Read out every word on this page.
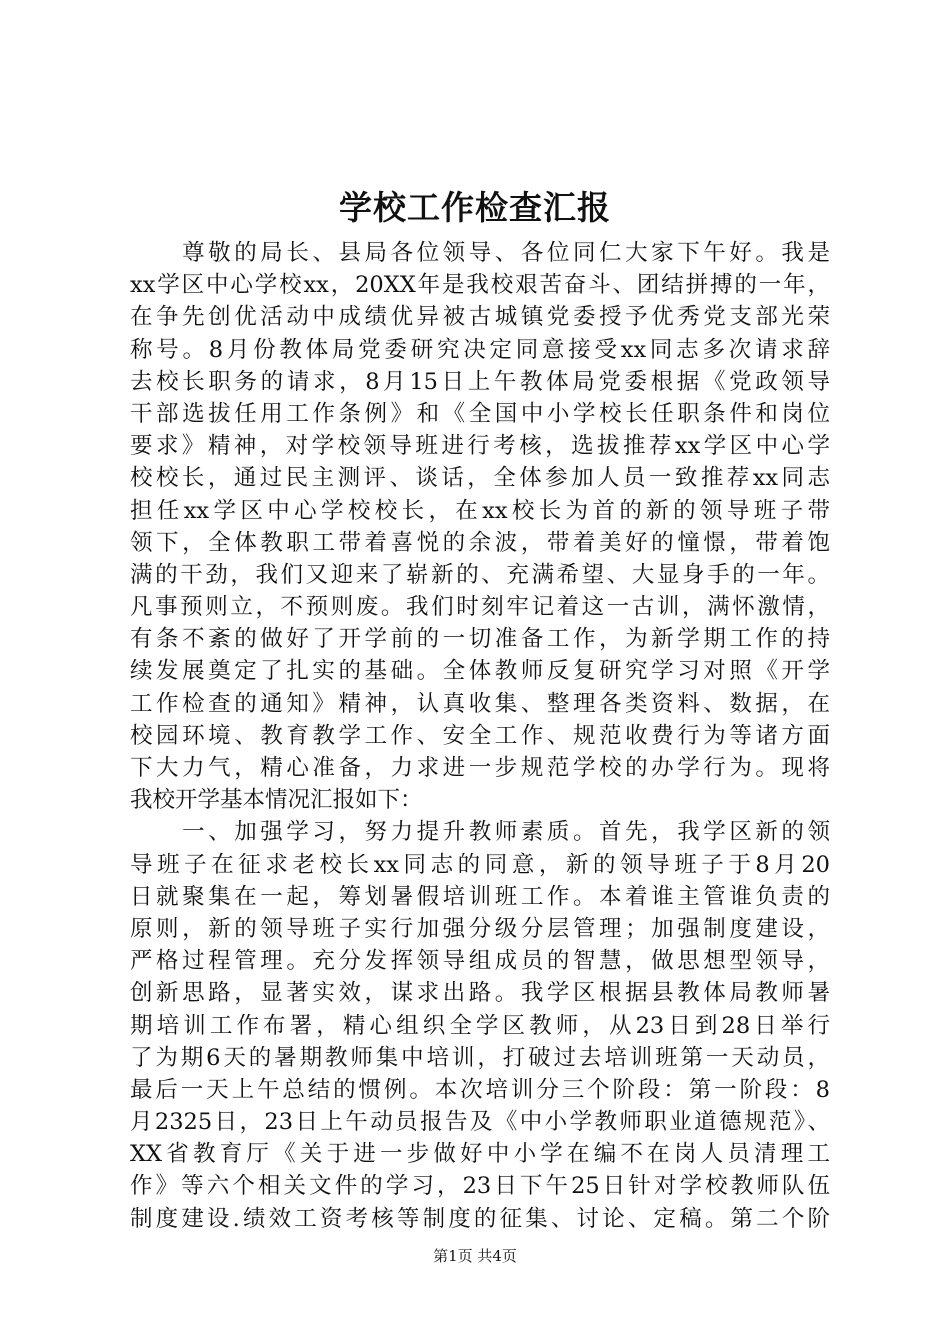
学校工作检查汇报
　　尊敬的局长、县局各位领导、各位同仁大家下午好。我是
xx学区中心学校xx，20XX年是我校艰苦奋斗、团结拼搏的一年，
在争先创优活动中成绩优异被古城镇党委授予优秀党支部光荣
称号。8月份教体局党委研究决定同意接受xx同志多次请求辞
去校长职务的请求，8月15日上午教体局党委根据《党政领导
干部选拔任用工作条例》和《全国中小学校长任职条件和岗位
要求》精神，对学校领导班进行考核，选拔推荐xx学区中心学
校校长，通过民主测评、谈话，全体参加人员一致推荐xx同志
担任xx学区中心学校校长，在xx校长为首的新的领导班子带
领下，全体教职工带着喜悦的余波，带着美好的憧憬，带着饱
满的干劲，我们又迎来了崭新的、充满希望、大显身手的一年。
凡事预则立，不预则废。我们时刻牢记着这一古训，满怀激情，
有条不紊的做好了开学前的一切准备工作，为新学期工作的持
续发展奠定了扎实的基础。全体教师反复研究学习对照《开学
工作检查的通知》精神，认真收集、整理各类资料、数据，在
校园环境、教育教学工作、安全工作、规范收费行为等诸方面
下大力气，精心准备，力求进一步规范学校的办学行为。现将
我校开学基本情况汇报如下：
　　一、加强学习，努力提升教师素质。首先，我学区新的领
导班子在征求老校长xx同志的同意，新的领导班子于8月20
日就聚集在一起，筹划暑假培训班工作。本着谁主管谁负责的
原则，新的领导班子实行加强分级分层管理；加强制度建设，
严格过程管理。充分发挥领导组成员的智慧，做思想型领导，
创新思路，显著实效，谋求出路。我学区根据县教体局教师暑
期培训工作布署，精心组织全学区教师，从23日到28日举行
了为期6天的暑期教师集中培训，打破过去培训班第一天动员，
最后一天上午总结的惯例。本次培训分三个阶段：第一阶段：8
月2325日，23日上午动员报告及《中小学教师职业道德规范》、
XX省教育厅《关于进一步做好中小学在编不在岗人员清理工
作》等六个相关文件的学习，23日下午25日针对学校教师队伍
制度建设.绩效工资考核等制度的征集、讨论、定稿。第二个阶
第1页 共4页
